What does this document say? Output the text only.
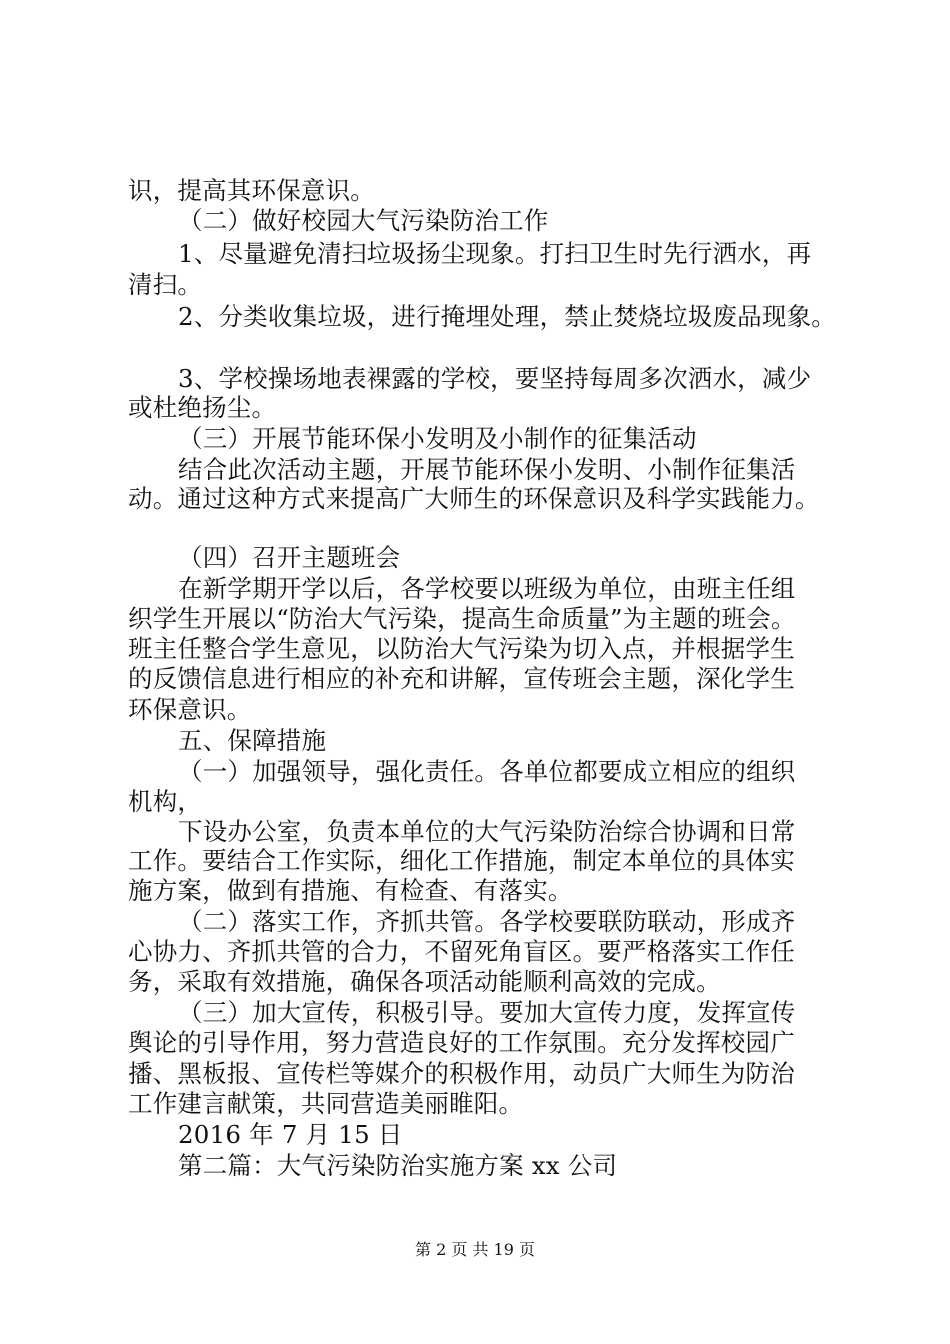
识，提高其环保意识。
（二）做好校园大气污染防治工作
1、尽量避免清扫垃圾扬尘现象。打扫卫生时先行洒水，再
清扫。
2、分类收集垃圾，进行掩埋处理，禁止焚烧垃圾废品现象。
3、学校操场地表裸露的学校，要坚持每周多次洒水，减少
或杜绝扬尘。
（三）开展节能环保小发明及小制作的征集活动
结合此次活动主题，开展节能环保小发明、小制作征集活
动。通过这种方式来提高广大师生的环保意识及科学实践能力。
（四）召开主题班会
在新学期开学以后，各学校要以班级为单位，由班主任组
织学生开展以“防治大气污染，提高生命质量”为主题的班会。
班主任整合学生意见，以防治大气污染为切入点，并根据学生
的反馈信息进行相应的补充和讲解，宣传班会主题，深化学生
环保意识。
五、保障措施
（一）加强领导，强化责任。各单位都要成立相应的组织
机构，
下设办公室，负责本单位的大气污染防治综合协调和日常
工作。要结合工作实际，细化工作措施，制定本单位的具体实
施方案，做到有措施、有检查、有落实。
（二）落实工作，齐抓共管。各学校要联防联动，形成齐
心协力、齐抓共管的合力，不留死角盲区。要严格落实工作任
务，采取有效措施，确保各项活动能顺利高效的完成。
（三）加大宣传，积极引导。要加大宣传力度，发挥宣传
舆论的引导作用，努力营造良好的工作氛围。充分发挥校园广
播、黑板报、宣传栏等媒介的积极作用，动员广大师生为防治
工作建言献策，共同营造美丽睢阳。
2016 年 7 月 15 日
第二篇：大气污染防治实施方案 xx 公司
第 2 页 共 19 页
